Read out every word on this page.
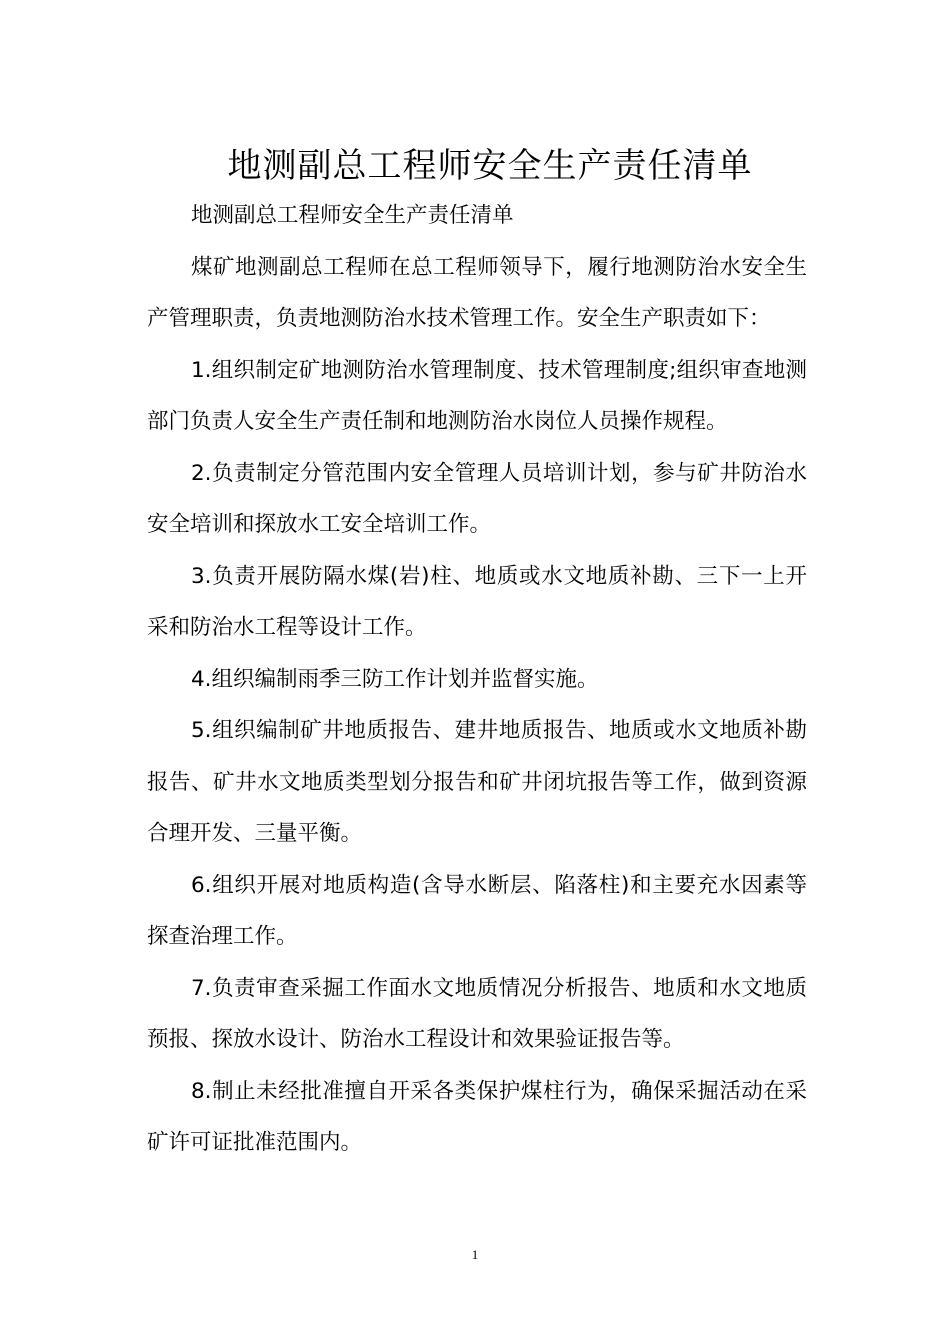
地测副总工程师安全生产责任清单

地测副总工程师安全生产责任清单

煤矿地测副总工程师在总工程师领导下，履行地测防治水安全生产管理职责，负责地测防治水技术管理工作。安全生产职责如下：

1.组织制定矿地测防治水管理制度、技术管理制度;组织审查地测部门负责人安全生产责任制和地测防治水岗位人员操作规程。

2.负责制定分管范围内安全管理人员培训计划，参与矿井防治水安全培训和探放水工安全培训工作。

3.负责开展防隔水煤(岩)柱、地质或水文地质补勘、三下一上开采和防治水工程等设计工作。

4.组织编制雨季三防工作计划并监督实施。

5.组织编制矿井地质报告、建井地质报告、地质或水文地质补勘报告、矿井水文地质类型划分报告和矿井闭坑报告等工作，做到资源合理开发、三量平衡。

6.组织开展对地质构造(含导水断层、陷落柱)和主要充水因素等探查治理工作。

7.负责审查采掘工作面水文地质情况分析报告、地质和水文地质预报、探放水设计、防治水工程设计和效果验证报告等。

8.制止未经批准擅自开采各类保护煤柱行为，确保采掘活动在采矿许可证批准范围内。

1
